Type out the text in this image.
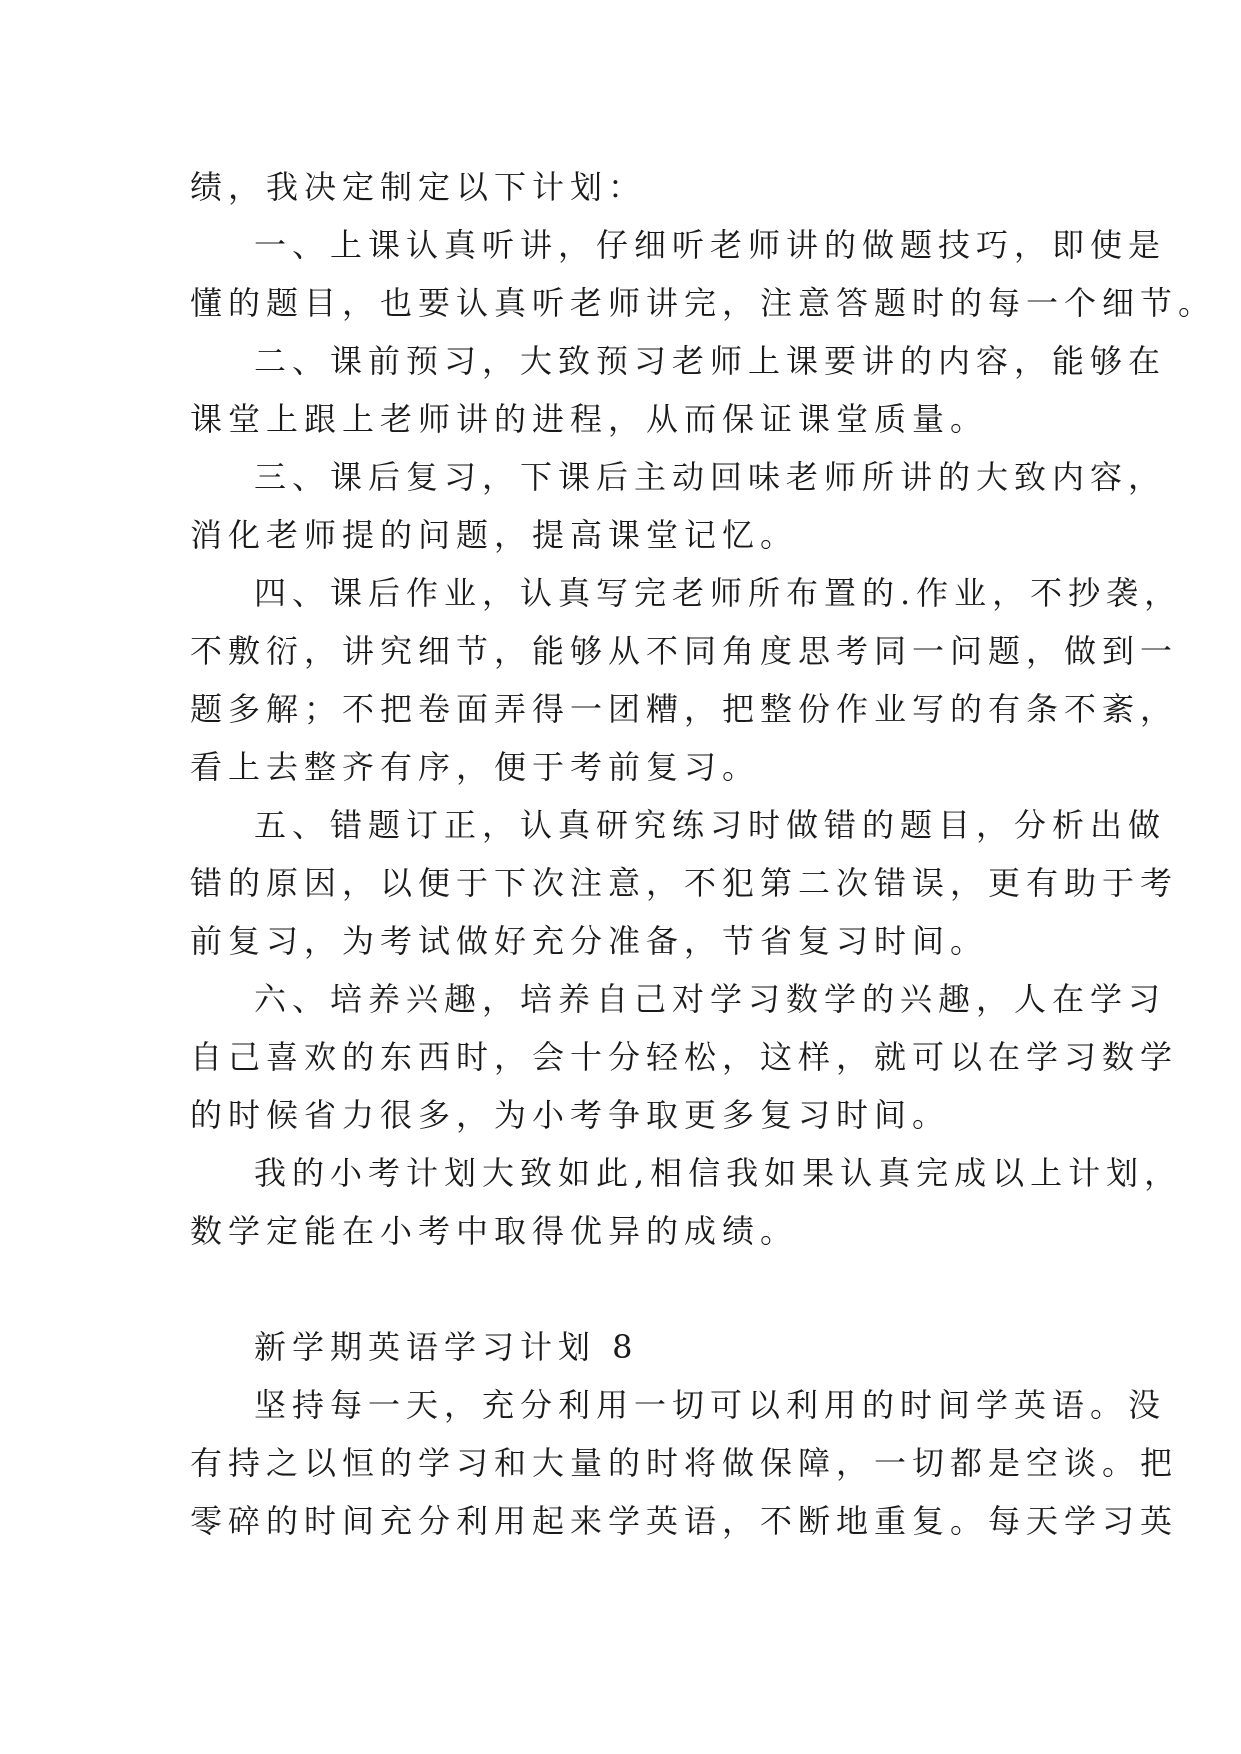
绩，我决定制定以下计划：
一、上课认真听讲，仔细听老师讲的做题技巧，即使是
懂的题目，也要认真听老师讲完，注意答题时的每一个细节。
二、课前预习，大致预习老师上课要讲的内容，能够在
课堂上跟上老师讲的进程，从而保证课堂质量。
三、课后复习，下课后主动回味老师所讲的大致内容，
消化老师提的问题，提高课堂记忆。
四、课后作业，认真写完老师所布置的.作业，不抄袭，
不敷衍，讲究细节，能够从不同角度思考同一问题，做到一
题多解；不把卷面弄得一团糟，把整份作业写的有条不紊，
看上去整齐有序，便于考前复习。
五、错题订正，认真研究练习时做错的题目，分析出做
错的原因，以便于下次注意，不犯第二次错误，更有助于考
前复习，为考试做好充分准备，节省复习时间。
六、培养兴趣，培养自己对学习数学的兴趣，人在学习
自己喜欢的东西时，会十分轻松，这样，就可以在学习数学
的时候省力很多，为小考争取更多复习时间。
我的小考计划大致如此,相信我如果认真完成以上计划，
数学定能在小考中取得优异的成绩。
新学期英语学习计划 8
坚持每一天，充分利用一切可以利用的时间学英语。没
有持之以恒的学习和大量的时将做保障，一切都是空谈。把
零碎的时间充分利用起来学英语，不断地重复。每天学习英
